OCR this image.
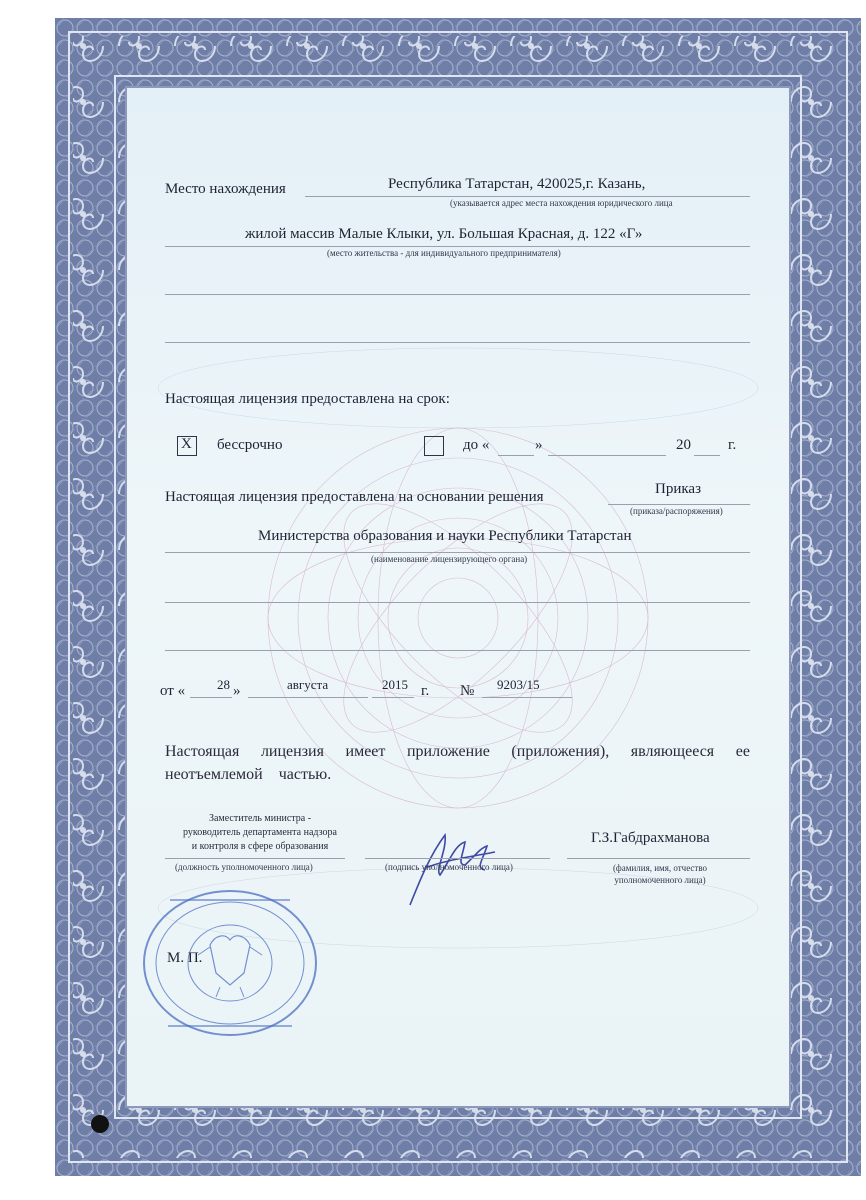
Место нахождения	Республика Татарстан, 420025,г. Казань,
(указывается адрес места нахождения юридического лица
жилой массив Малые Клыки, ул. Большая Красная, д. 122 «Г»
(место жительства - для индивидуального предпринимателя)
Настоящая лицензия предоставлена на срок:
X бессрочно	до «	»	20 г.
Настоящая лицензия предоставлена на основании решения	Приказ
(приказа/распоряжения)
Министерства образования и науки Республики Татарстан
(наименование лицензирующего органа)
от « 28 »	августа	2015 г. № 9203/15
Настоящая лицензия имеет приложение (приложения), являющееся ее
неотъемлемой частью.
Заместитель министра -
руководитель департамента надзора
и контроля в сфере образования
(должность уполномоченного лица)	(подпись уполномоченного лица)
Г.З.Габдрахманова
(фамилия, имя, отчество
уполномоченного лица)
М. П.
